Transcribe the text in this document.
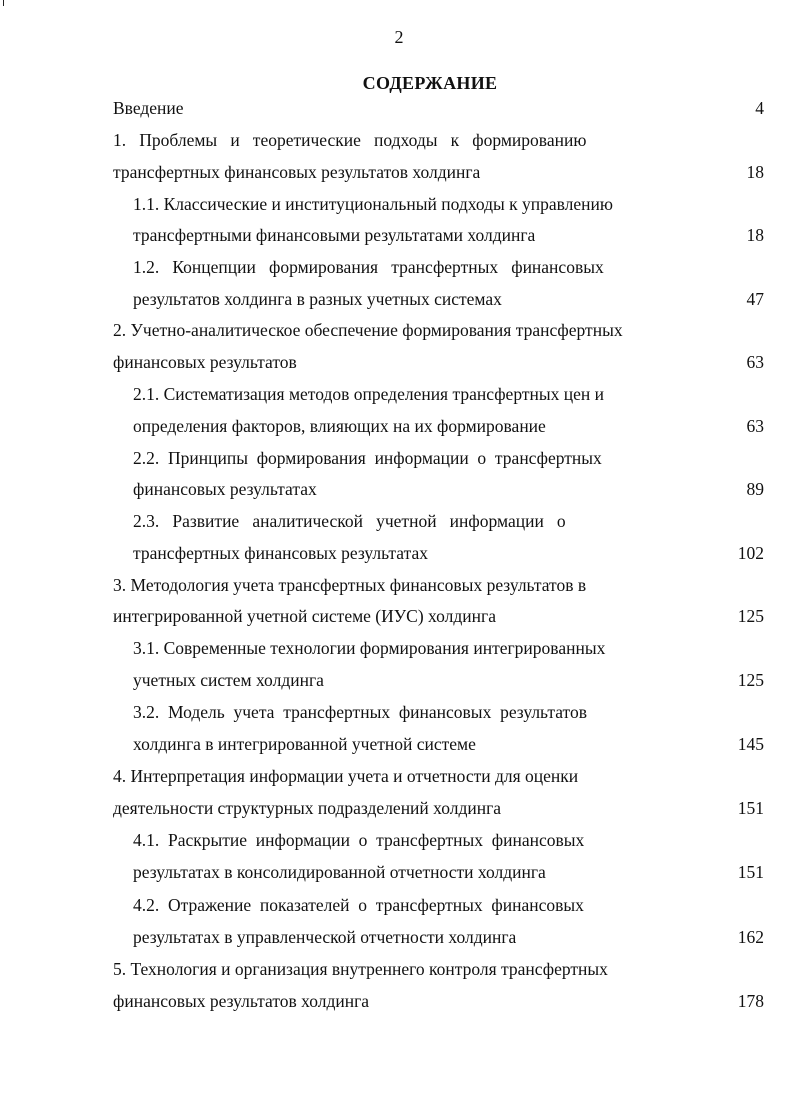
2
СОДЕРЖАНИЕ
Введение	4
1.   Проблемы   и   теоретические   подходы   к   формированию
трансфертных финансовых результатов холдинга	18
1.1. Классические и институциональный подходы к управлению
трансфертными финансовыми результатами холдинга	18
1.2.   Концепции   формирования   трансфертных   финансовых
результатов холдинга в разных учетных системах	47
2. Учетно-аналитическое обеспечение формирования трансфертных
финансовых результатов	63
2.1. Систематизация методов определения трансфертных цен и
определения факторов, влияющих на их формирование	63
2.2.  Принципы  формирования  информации  о  трансфертных
финансовых результатах	89
2.3.   Развитие   аналитической   учетной   информации   о
трансфертных финансовых результатах	102
3. Методология учета трансфертных финансовых результатов в
интегрированной учетной системе (ИУС) холдинга	125
3.1. Современные технологии формирования интегрированных
учетных систем холдинга	125
3.2.  Модель  учета  трансфертных  финансовых  результатов
холдинга в интегрированной учетной системе	145
4. Интерпретация информации учета и отчетности для оценки
деятельности структурных подразделений холдинга	151
4.1.  Раскрытие  информации  о  трансфертных  финансовых
результатах в консолидированной отчетности холдинга	151
4.2.  Отражение  показателей  о  трансфертных  финансовых
результатах в управленческой отчетности холдинга	162
5. Технология и организация внутреннего контроля трансфертных
финансовых результатов холдинга	178
